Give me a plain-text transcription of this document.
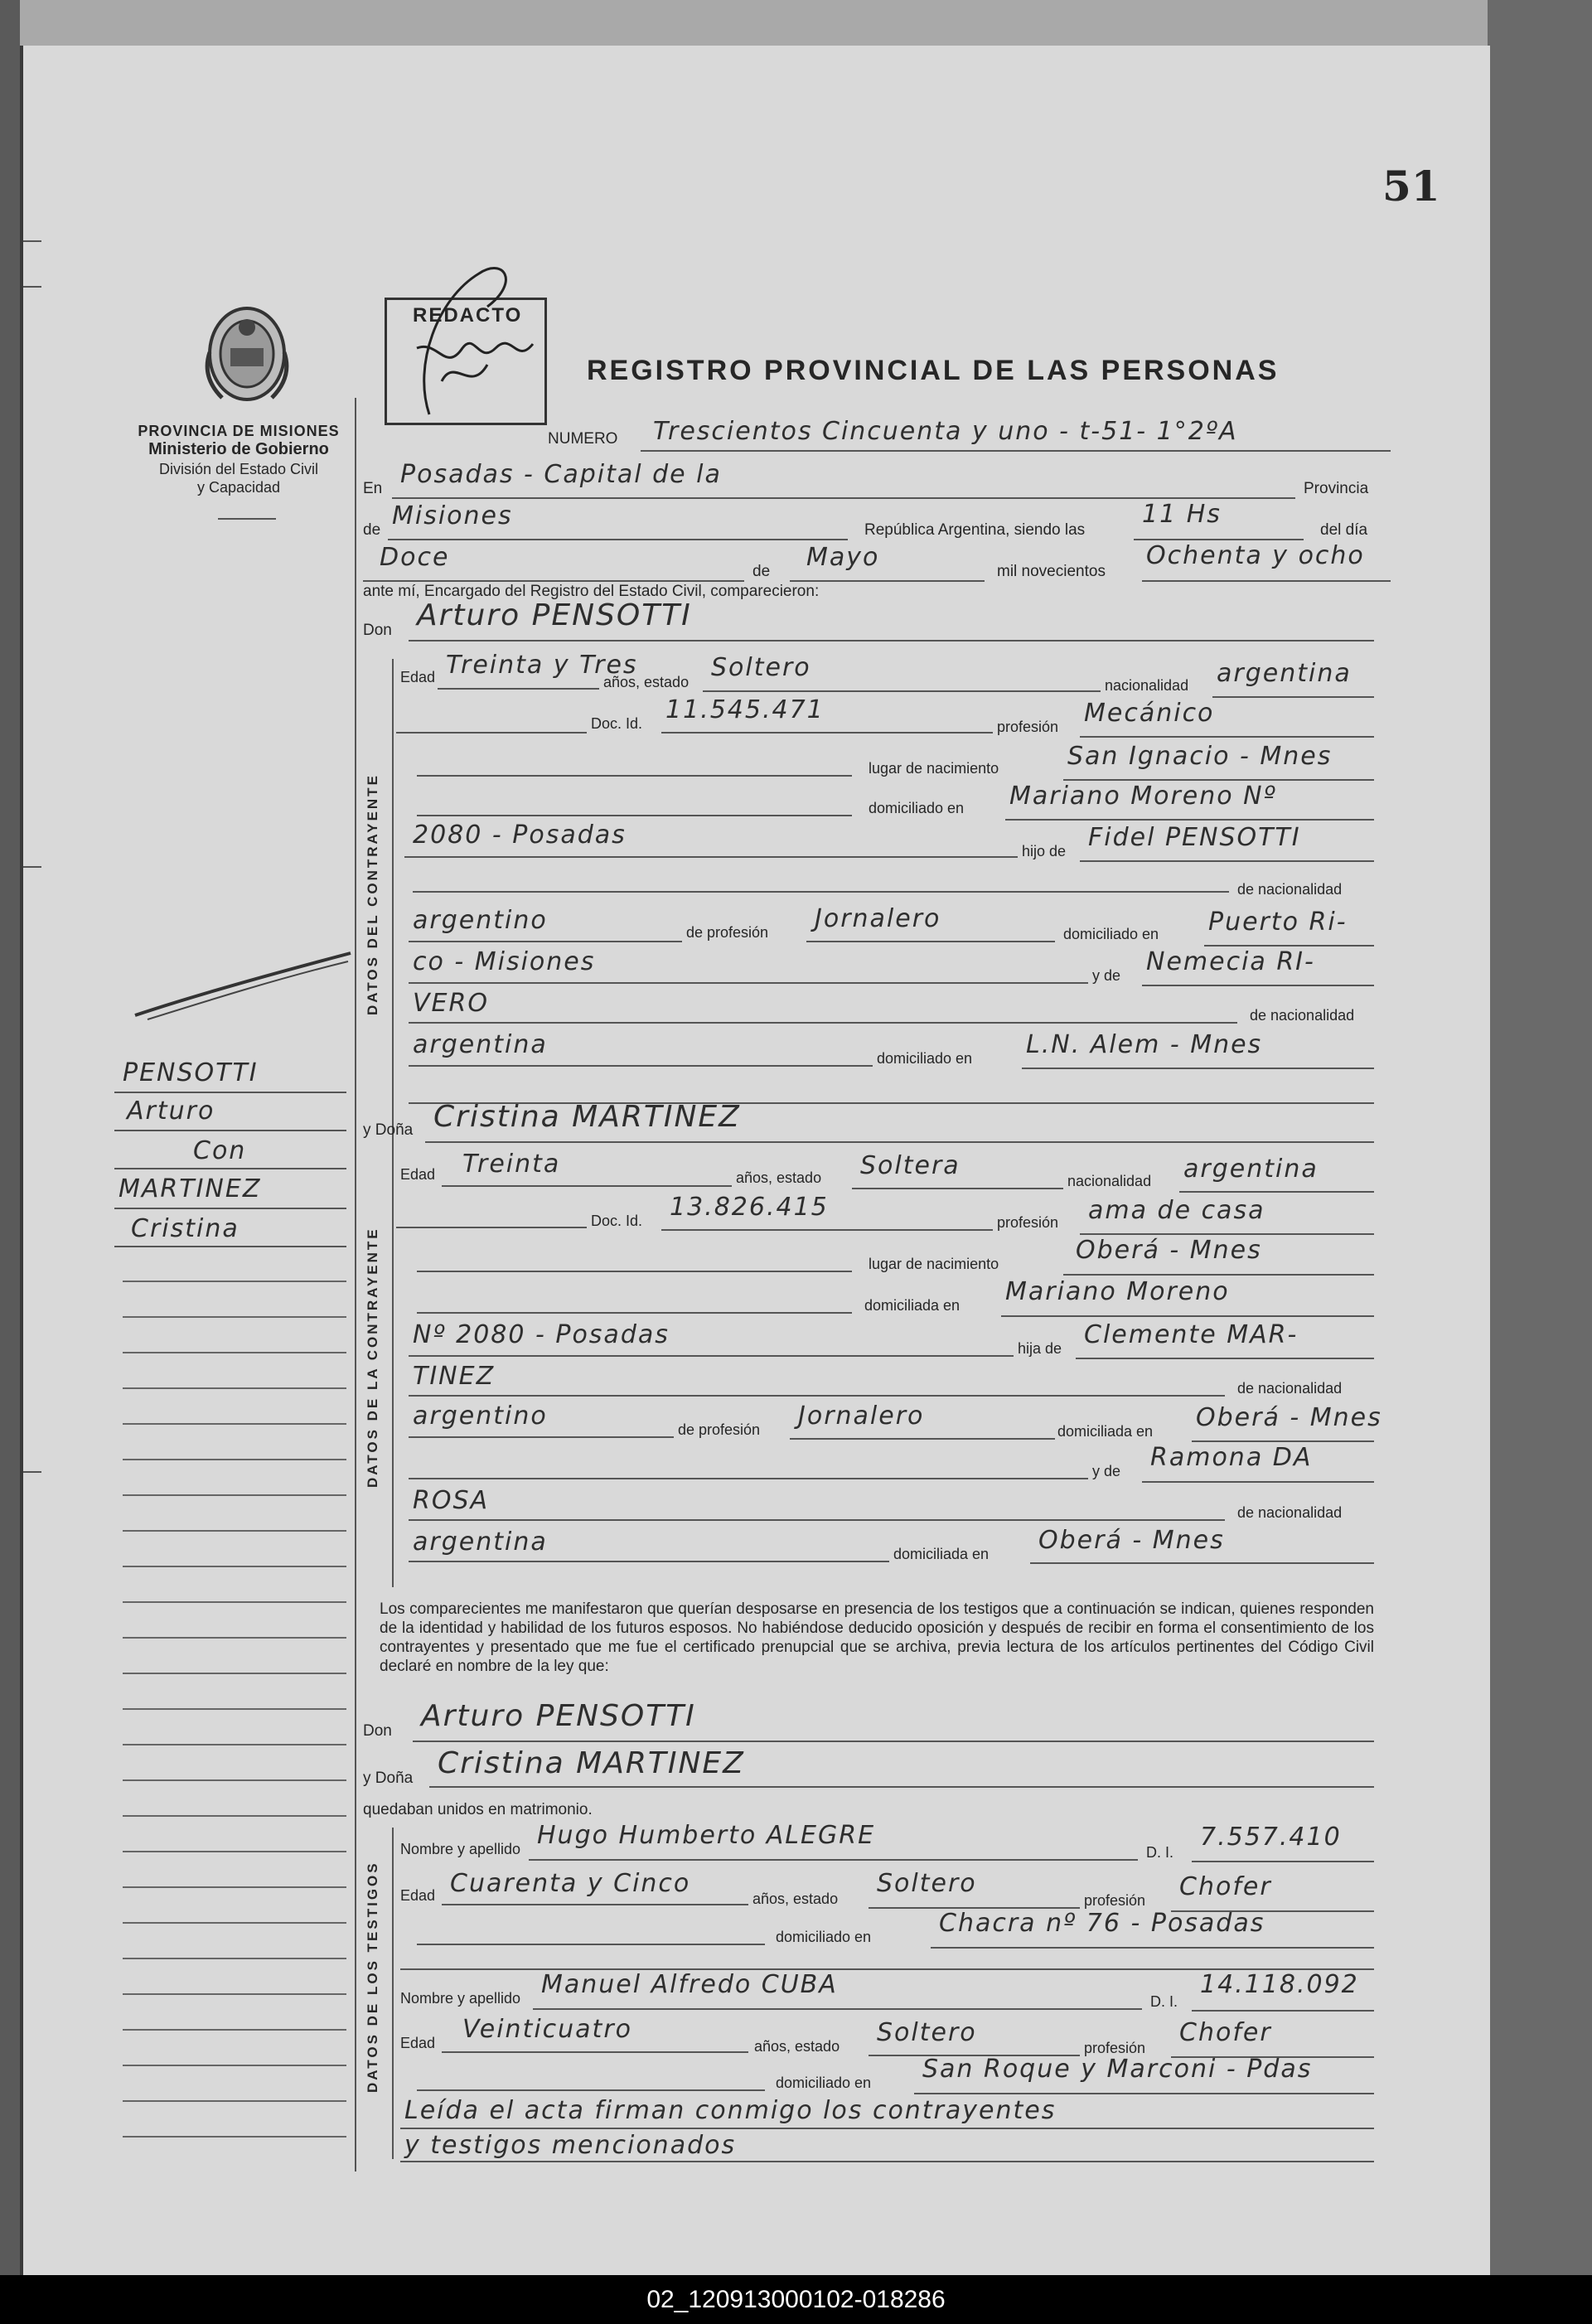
51
PROVINCIA DE MISIONES
Ministerio de Gobierno
División del Estado Civil
y Capacidad
REDACTO
REGISTRO PROVINCIAL DE LAS PERSONAS
NUMERO Trescientos Cincuenta y uno - t-51- 1°2ºA
En Posadas - Capital de la	Provincia
de Misiones	República Argentina, siendo las
11 Hs
del día
Doce	de Mayo	mil novecientos
Ochenta y ocho
ante mí, Encargado del Registro del Estado Civil, comparecieron:
Don Arturo PENSOTTI
DATOS DEL CONTRAYENTE
Edad Treinta y Tres
años, estado Soltero
nacionalidad argentina
Doc. Id. 11.545.471
profesión Mecánico
lugar de nacimiento	San Ignacio - Mnes
domiciliado en Mariano Moreno Nº
2080 - Posadas
hijo de Fidel PENSOTTI
de nacionalidad
argentino	de profesión Jornalero
domiciliado en Puerto Ri-
co - Misiones	y de Nemecia RI-
VERO	de nacionalidad
argentina	domiciliado en L.N. Alem - Mnes
y Doña Cristina MARTINEZ
DATOS DE LA CONTRAYENTE
Edad Treinta	años, estado Soltera
nacionalidad argentina
Doc. Id. 13.826.415
profesión ama de casa
lugar de nacimiento	Oberá - Mnes
domiciliada en Mariano Moreno
Nº 2080 - Posadas	hija de Clemente MAR-
TINEZ	de nacionalidad
argentino	de profesión Jornalero
domiciliada en Oberá - Mnes
y de Ramona DA
ROSA	de nacionalidad
argentina	domiciliada en Oberá - Mnes
Los comparecientes me manifestaron que querían desposarse en presencia de los testigos que a continuación se indican, quienes responden de la identidad y habilidad de los futuros esposos. No habiéndose deducido oposición y después de recibir en forma el consentimiento de los contrayentes y presentado que me fue el certificado prenupcial que se archiva, previa lectura de los artículos pertinentes del Código Civil declaré en nombre de la ley que:
Don Arturo PENSOTTI
y Doña Cristina MARTINEZ
quedaban unidos en matrimonio.
DATOS DE LOS TESTIGOS
Nombre y apellido Hugo Humberto ALEGRE
D. I.
7.557.410
Edad Cuarenta y Cinco
años, estado
Soltero
profesión Chofer
domiciliado en	Chacra nº 76 - Posadas
Nombre y apellido Manuel Alfredo CUBA
D. I.
14.118.092
Edad Veinticuatro
años, estado Soltero
profesión
Chofer
domiciliado en San Roque y Marconi - Pdas
Leída el acta firman conmigo los contrayentes
y testigos mencionados
PENSOTTI
Arturo
Con
MARTINEZ
Cristina
02_120913000102-018286
